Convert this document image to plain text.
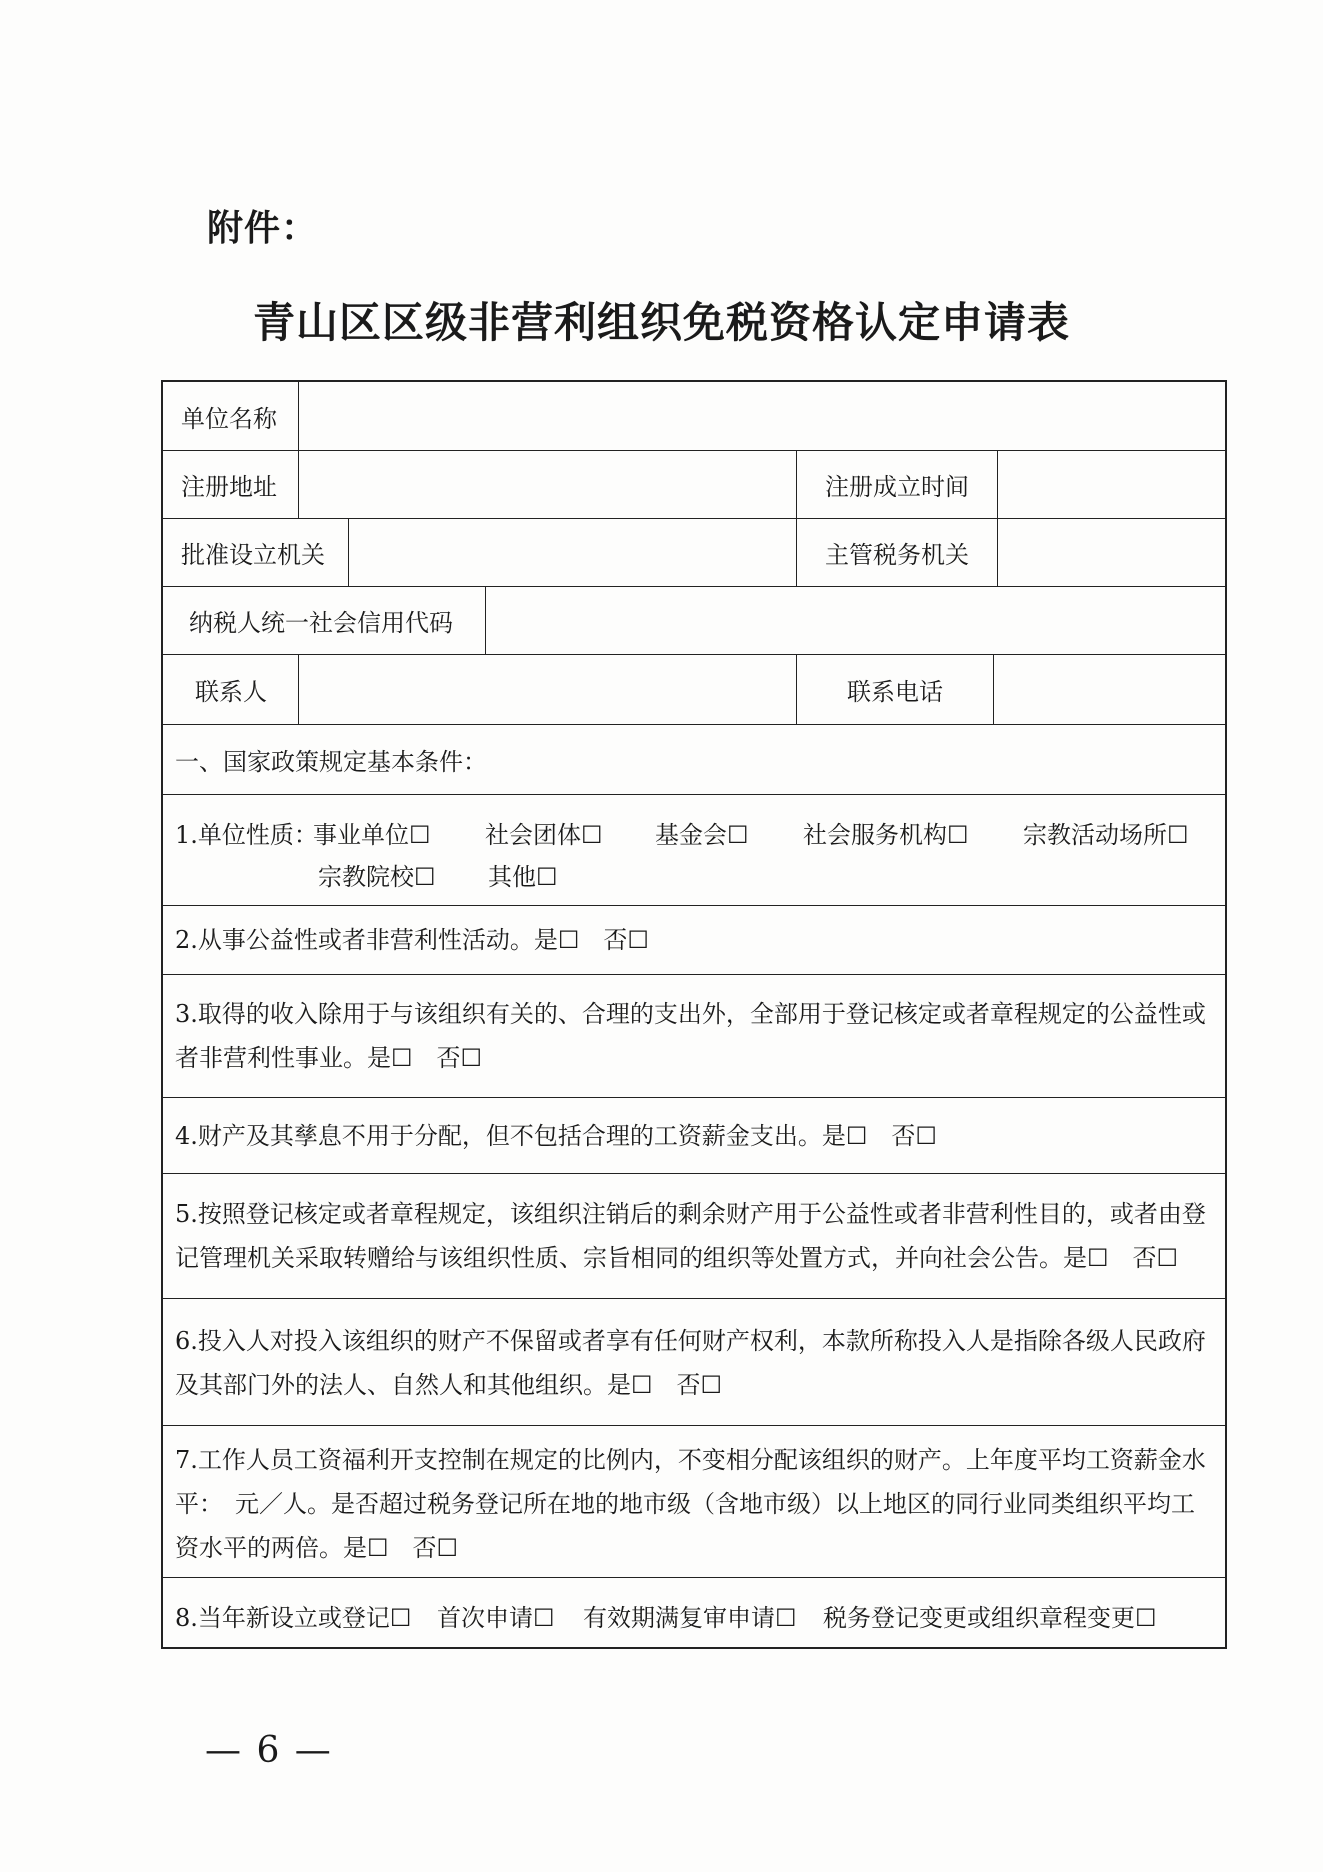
附件：
青山区区级非营利组织免税资格认定申请表
单位名称
注册地址	注册成立时间
批准设立机关	主管税务机关
纳税人统一社会信用代码
联系人	联系电话
一、国家政策规定基本条件：
1.单位性质：
事业单位☐ 社会团体☐ 基金会☐ 社会服务机构☐ 宗教活动场所☐
宗教院校☐ 其他☐
2.从事公益性或者非营利性活动。是☐　否☐
3.取得的收入除用于与该组织有关的、合理的支出外，全部用于登记核定或者章程规定的公益性或者非营利性事业。是☐　否☐
4.财产及其孳息不用于分配，但不包括合理的工资薪金支出。是☐　否☐
5.按照登记核定或者章程规定，该组织注销后的剩余财产用于公益性或者非营利性目的，或者由登记管理机关采取转赠给与该组织性质、宗旨相同的组织等处置方式，并向社会公告。是☐　否☐
6.投入人对投入该组织的财产不保留或者享有任何财产权利，本款所称投入人是指除各级人民政府及其部门外的法人、自然人和其他组织。是☐　否☐
7.工作人员工资福利开支控制在规定的比例内，不变相分配该组织的财产。上年度平均工资薪金水平：　元／人。是否超过税务登记所在地的地市级（含地市级）以上地区的同行业同类组织平均工资水平的两倍。是☐　否☐
8.当年新设立或登记☐ 首次申请☐ 有效期满复审申请☐ 税务登记变更或组织章程变更☐
— 6 —
